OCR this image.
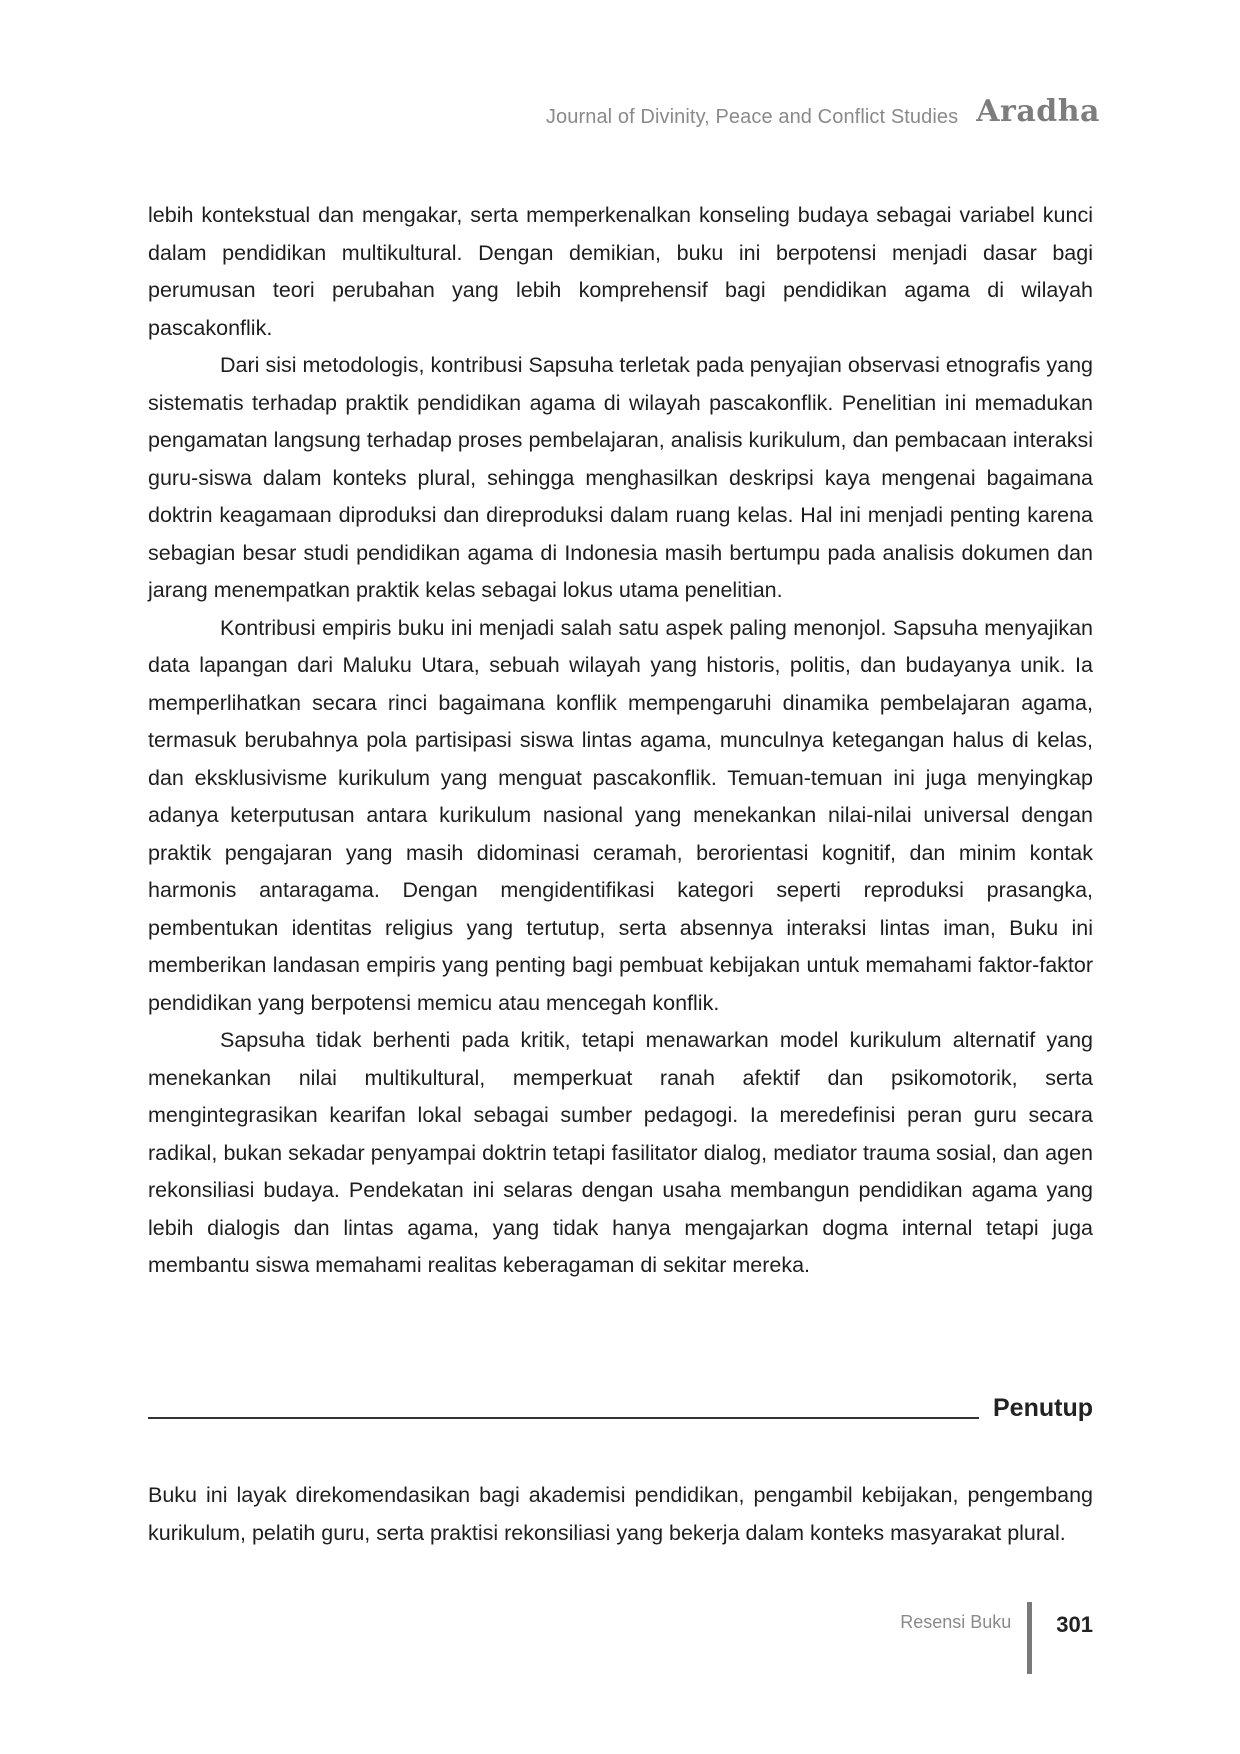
Journal of Divinity, Peace and Conflict Studies Aradha

lebih kontekstual dan mengakar, serta memperkenalkan konseling budaya sebagai variabel kunci dalam pendidikan multikultural. Dengan demikian, buku ini berpotensi menjadi dasar bagi perumusan teori perubahan yang lebih komprehensif bagi pendidikan agama di wilayah pascakonflik.

Dari sisi metodologis, kontribusi Sapsuha terletak pada penyajian observasi etnografis yang sistematis terhadap praktik pendidikan agama di wilayah pascakonflik. Penelitian ini memadukan pengamatan langsung terhadap proses pembelajaran, analisis kurikulum, dan pembacaan interaksi guru-siswa dalam konteks plural, sehingga menghasilkan deskripsi kaya mengenai bagaimana doktrin keagamaan diproduksi dan direproduksi dalam ruang kelas. Hal ini menjadi penting karena sebagian besar studi pendidikan agama di Indonesia masih bertumpu pada analisis dokumen dan jarang menempatkan praktik kelas sebagai lokus utama penelitian.

Kontribusi empiris buku ini menjadi salah satu aspek paling menonjol. Sapsuha menyajikan data lapangan dari Maluku Utara, sebuah wilayah yang historis, politis, dan budayanya unik. Ia memperlihatkan secara rinci bagaimana konflik mempengaruhi dinamika pembelajaran agama, termasuk berubahnya pola partisipasi siswa lintas agama, munculnya ketegangan halus di kelas, dan eksklusivisme kurikulum yang menguat pascakonflik. Temuan-temuan ini juga menyingkap adanya keterputusan antara kurikulum nasional yang menekankan nilai-nilai universal dengan praktik pengajaran yang masih didominasi ceramah, berorientasi kognitif, dan minim kontak harmonis antaragama. Dengan mengidentifikasi kategori seperti reproduksi prasangka, pembentukan identitas religius yang tertutup, serta absennya interaksi lintas iman, Buku ini memberikan landasan empiris yang penting bagi pembuat kebijakan untuk memahami faktor-faktor pendidikan yang berpotensi memicu atau mencegah konflik.

Sapsuha tidak berhenti pada kritik, tetapi menawarkan model kurikulum alternatif yang menekankan nilai multikultural, memperkuat ranah afektif dan psikomotorik, serta mengintegrasikan kearifan lokal sebagai sumber pedagogi. Ia meredefinisi peran guru secara radikal, bukan sekadar penyampai doktrin tetapi fasilitator dialog, mediator trauma sosial, dan agen rekonsiliasi budaya. Pendekatan ini selaras dengan usaha membangun pendidikan agama yang lebih dialogis dan lintas agama, yang tidak hanya mengajarkan dogma internal tetapi juga membantu siswa memahami realitas keberagaman di sekitar mereka.

Penutup

Buku ini layak direkomendasikan bagi akademisi pendidikan, pengambil kebijakan, pengembang kurikulum, pelatih guru, serta praktisi rekonsiliasi yang bekerja dalam konteks masyarakat plural.

Resensi Buku 301
